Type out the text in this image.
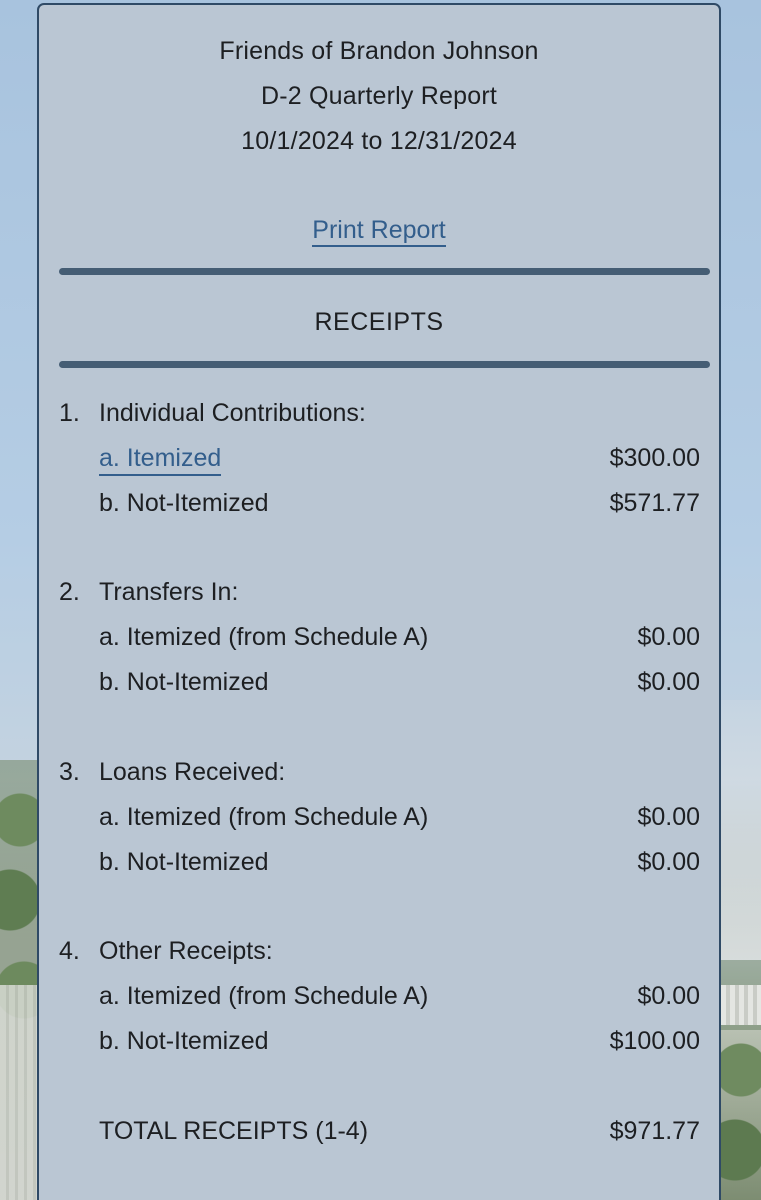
Friends of Brandon Johnson
D-2 Quarterly Report
10/1/2024 to 12/31/2024
Print Report
RECEIPTS
1. Individual Contributions:
a. Itemized	$300.00
b. Not-Itemized	$571.77
2. Transfers In:
a. Itemized (from Schedule A)	$0.00
b. Not-Itemized	$0.00
3. Loans Received:
a. Itemized (from Schedule A)	$0.00
b. Not-Itemized	$0.00
4. Other Receipts:
a. Itemized (from Schedule A)	$0.00
b. Not-Itemized	$100.00
TOTAL RECEIPTS (1-4)	$971.77
